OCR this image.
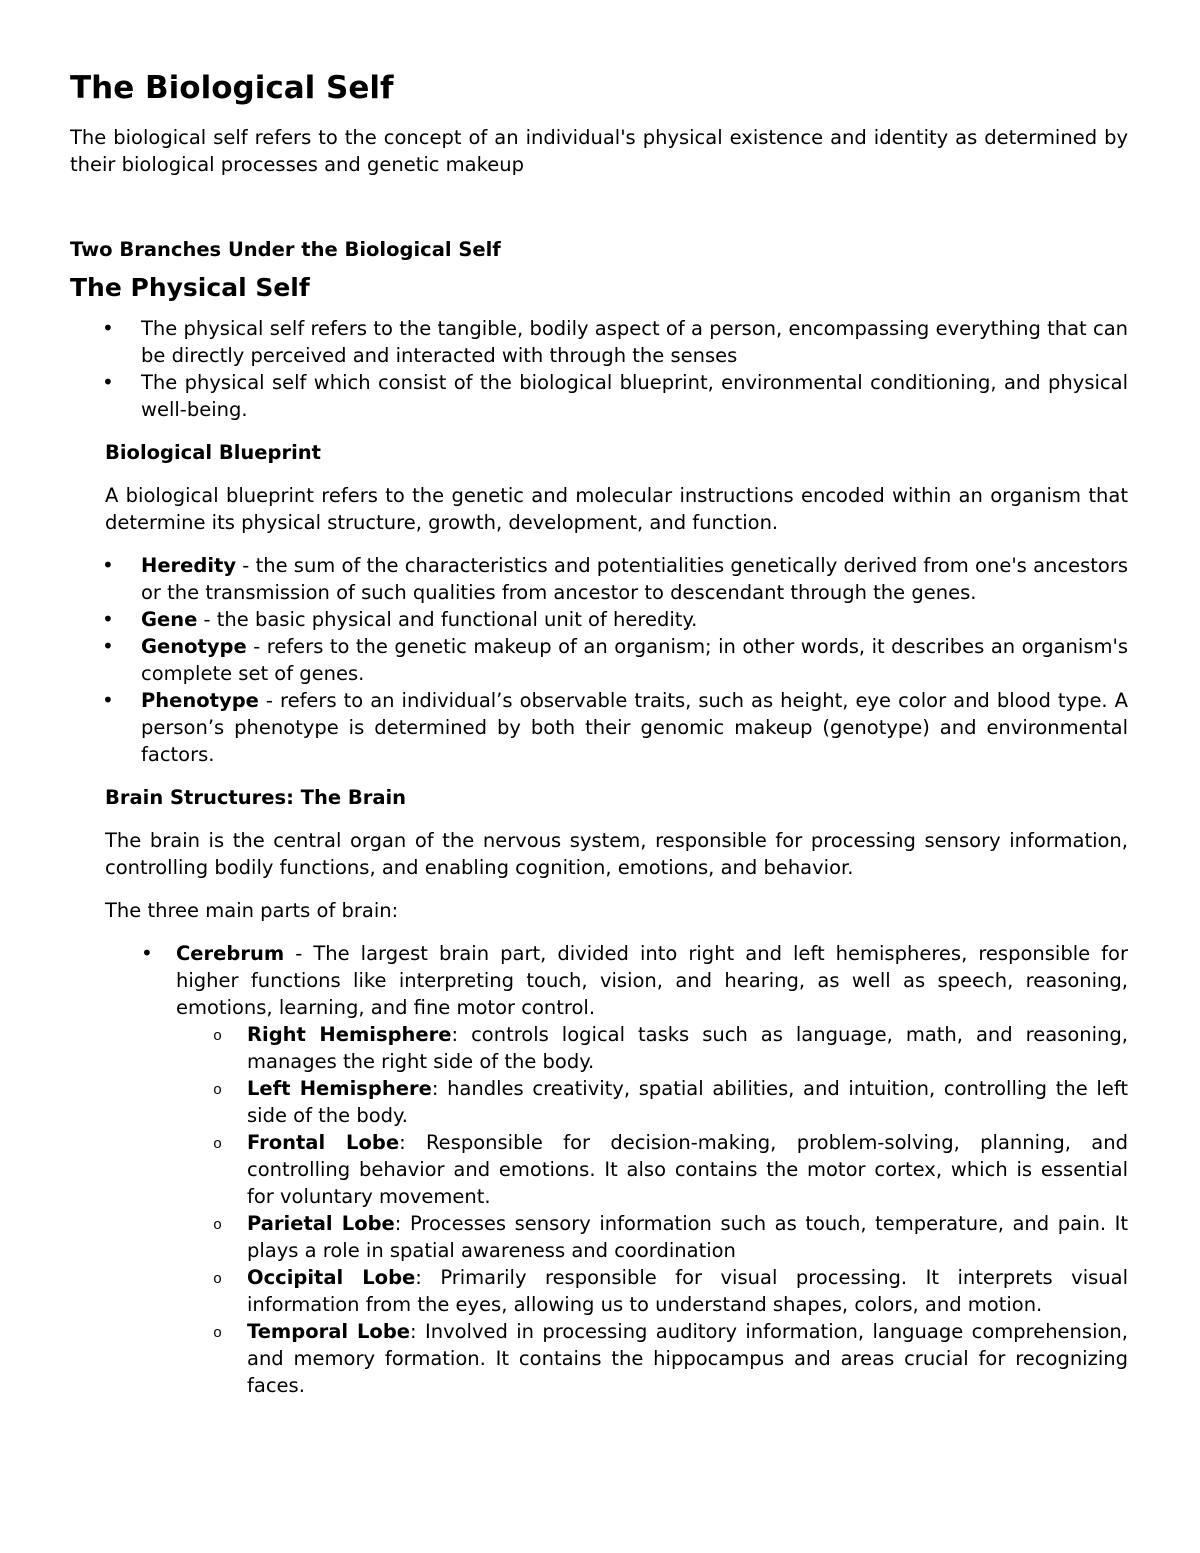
The Biological Self

The biological self refers to the concept of an individual's physical existence and identity as determined by their biological processes and genetic makeup

Two Branches Under the Biological Self
The Physical Self
• The physical self refers to the tangible, bodily aspect of a person, encompassing everything that can be directly perceived and interacted with through the senses
• The physical self which consist of the biological blueprint, environmental conditioning, and physical well-being.
Biological Blueprint

A biological blueprint refers to the genetic and molecular instructions encoded within an organism that determine its physical structure, growth, development, and function.

• Heredity - the sum of the characteristics and potentialities genetically derived from one's ancestors or the transmission of such qualities from ancestor to descendant through the genes.
• Gene - the basic physical and functional unit of heredity.
• Genotype - refers to the genetic makeup of an organism; in other words, it describes an organism's complete set of genes.
• Phenotype - refers to an individual’s observable traits, such as height, eye color and blood type. A person’s phenotype is determined by both their genomic makeup (genotype) and environmental factors.
Brain Structures: The Brain

The brain is the central organ of the nervous system, responsible for processing sensory information, controlling bodily functions, and enabling cognition, emotions, and behavior.

The three main parts of brain:

• Cerebrum - The largest brain part, divided into right and left hemispheres, responsible for higher functions like interpreting touch, vision, and hearing, as well as speech, reasoning, emotions, learning, and fine motor control.
o Right Hemisphere: controls logical tasks such as language, math, and reasoning, manages the right side of the body.
o Left Hemisphere: handles creativity, spatial abilities, and intuition, controlling the left side of the body.
o Frontal Lobe: Responsible for decision-making, problem-solving, planning, and controlling behavior and emotions. It also contains the motor cortex, which is essential for voluntary movement.
o Parietal Lobe: Processes sensory information such as touch, temperature, and pain. It plays a role in spatial awareness and coordination
o Occipital Lobe: Primarily responsible for visual processing. It interprets visual information from the eyes, allowing us to understand shapes, colors, and motion.
o Temporal Lobe: Involved in processing auditory information, language comprehension, and memory formation. It contains the hippocampus and areas crucial for recognizing faces.
